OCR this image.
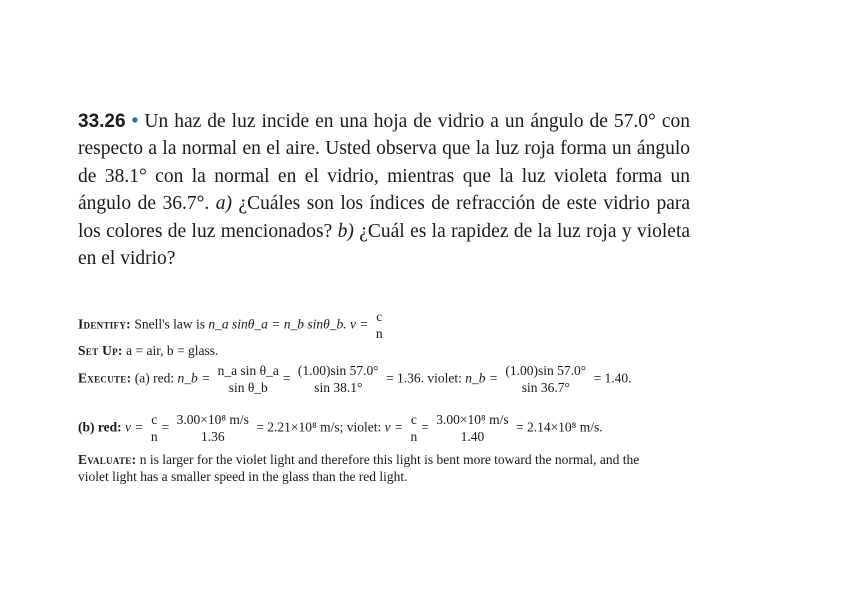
33.26 • Un haz de luz incide en una hoja de vidrio a un ángulo de 57.0° con respecto a la normal en el aire. Usted observa que la luz roja forma un ángulo de 38.1° con la normal en el vidrio, mientras que la luz violeta forma un ángulo de 36.7°. a) ¿Cuáles son los índices de refracción de este vidrio para los colores de luz mencionados? b) ¿Cuál es la rapidez de la luz roja y violeta en el vidrio?
Identify: Snell's law is n_a sinθ_a = n_b sinθ_b. v =
c
n
Set Up: a = air, b = glass.
Execute: (a) red: n_b =
n_a sin θ_a
sin θ_b
=
(1.00)sin 57.0°
sin 38.1°
= 1.36. violet: n_b =
(1.00)sin 57.0°
sin 36.7°
= 1.40.
(b) red: v =
c
n
=
3.00×10⁸ m/s
1.36
= 2.21×10⁸ m/s; violet: v =
c
n
=
3.00×10⁸ m/s
1.40
= 2.14×10⁸ m/s.
Evaluate: n is larger for the violet light and therefore this light is bent more toward the normal, and the
violet light has a smaller speed in the glass than the red light.
